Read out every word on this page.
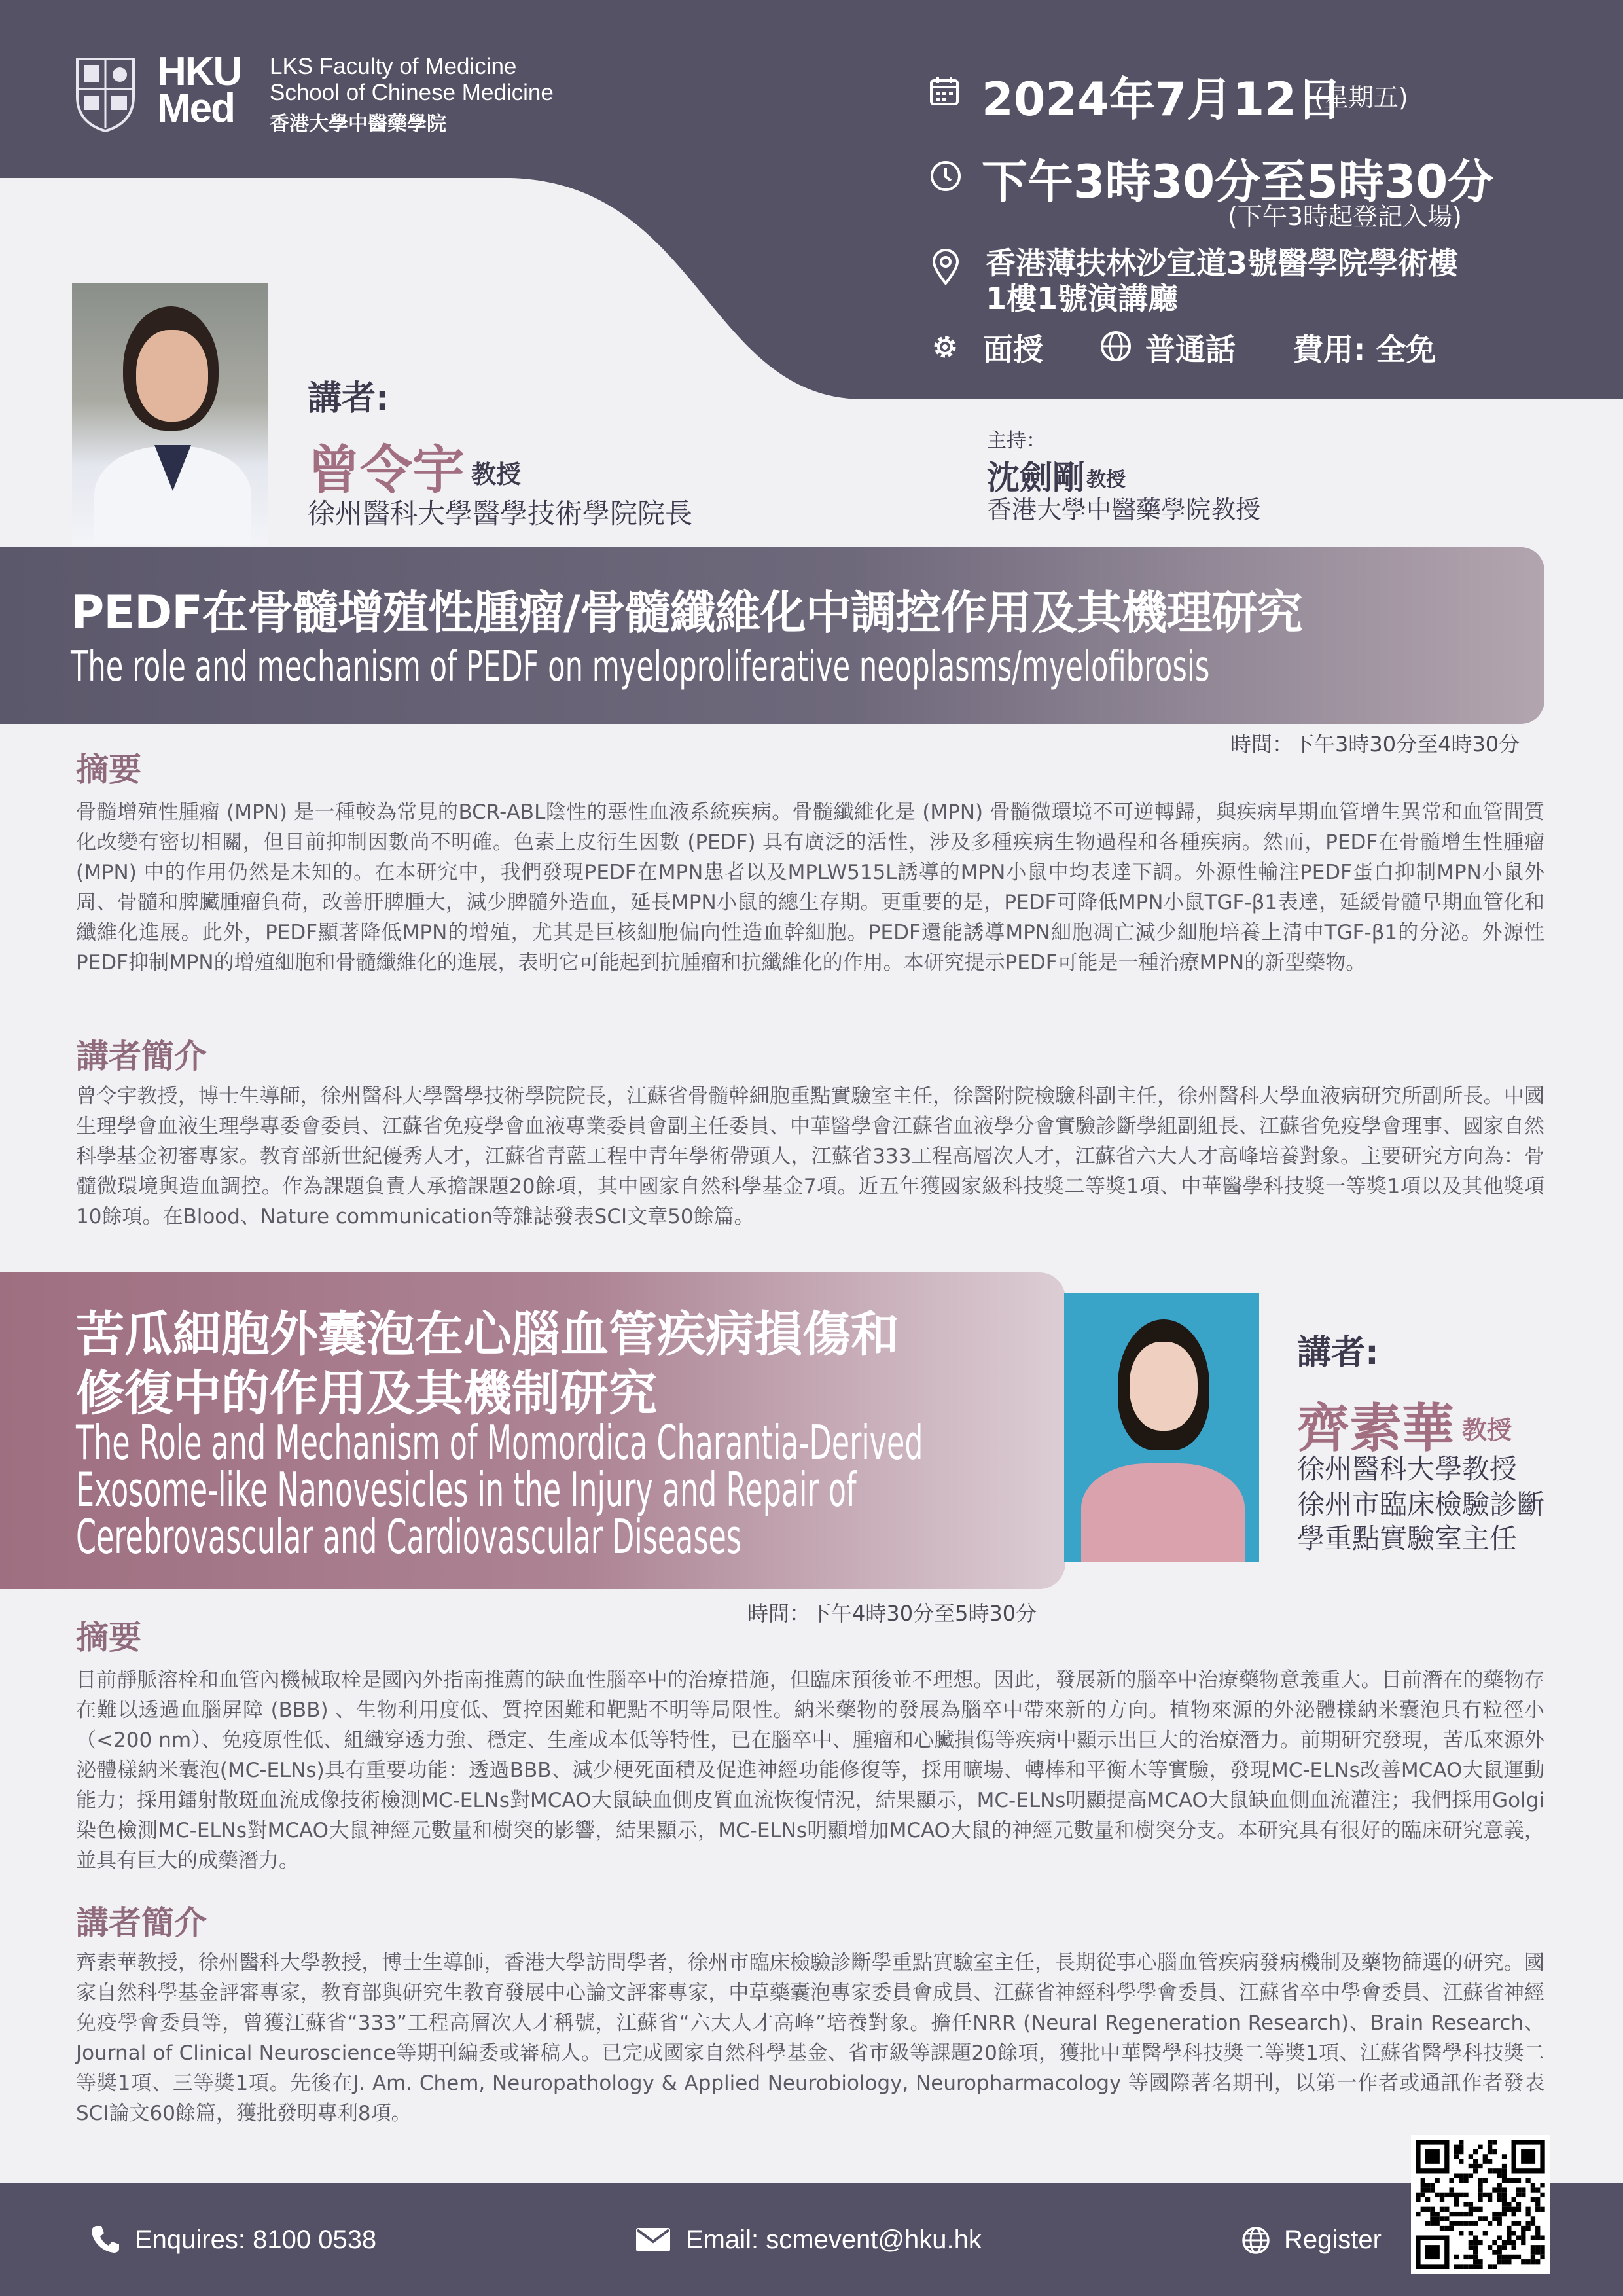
HKU
Med
LKS Faculty of Medicine
School of Chinese Medicine
香港大學中醫藥學院	2024年7月12日
(星期五)
下午3時30分至5時30分
(下午3時起登記入場)
香港薄扶林沙宣道3號醫學院學術樓
1樓1號演講廳
面授	普通話 費用: 全免
講者:
曾令宇 教授
徐州醫科大學醫學技術學院院長
主持：
沈劍剛 教授
香港大學中醫藥學院教授
PEDF在骨髓增殖性腫瘤/骨髓纖維化中調控作用及其機理研究
The role and mechanism of PEDF on myeloproliferative neoplasms/myelofibrosis
時間：下午3時30分至4時30分
摘要
骨髓增殖性腫瘤 (MPN) 是一種較為常見的BCR-ABL陰性的惡性血液系統疾病。骨髓纖維化是 (MPN) 骨髓微環境不可逆轉歸，與疾病早期血管增生異常和血管間質化改變有密切相關，但目前抑制因數尚不明確。色素上皮衍生因數 (PEDF) 具有廣泛的活性，涉及多種疾病生物過程和各種疾病。然而，PEDF在骨髓增生性腫瘤 (MPN) 中的作用仍然是未知的。在本研究中，我們發現PEDF在MPN患者以及MPLW515L誘導的MPN小鼠中均表達下調。外源性輸注PEDF蛋白抑制MPN小鼠外周、骨髓和脾臟腫瘤負荷，改善肝脾腫大，減少脾髓外造血，延長MPN小鼠的總生存期。更重要的是，PEDF可降低MPN小鼠TGF-β1表達，延緩骨髓早期血管化和纖維化進展。此外，PEDF顯著降低MPN的增殖，尤其是巨核細胞偏向性造血幹細胞。PEDF還能誘導MPN細胞凋亡減少細胞培養上清中TGF-β1的分泌。外源性PEDF抑制MPN的增殖細胞和骨髓纖維化的進展，表明它可能起到抗腫瘤和抗纖維化的作用。本研究提示PEDF可能是一種治療MPN的新型藥物。
講者簡介
曾令宇教授，博士生導師，徐州醫科大學醫學技術學院院長，江蘇省骨髓幹細胞重點實驗室主任，徐醫附院檢驗科副主任，徐州醫科大學血液病研究所副所長。中國生理學會血液生理學專委會委員、江蘇省免疫學會血液專業委員會副主任委員、中華醫學會江蘇省血液學分會實驗診斷學組副組長、江蘇省免疫學會理事、國家自然科學基金初審專家。教育部新世紀優秀人才，江蘇省青藍工程中青年學術帶頭人，江蘇省333工程高層次人才，江蘇省六大人才高峰培養對象。主要研究方向為：骨髓微環境與造血調控。作為課題負責人承擔課題20餘項，其中國家自然科學基金7項。近五年獲國家級科技獎二等獎1項、中華醫學科技獎一等獎1項以及其他獎項10餘項。在Blood、Nature communication等雜誌發表SCI文章50餘篇。
苦瓜細胞外囊泡在心腦血管疾病損傷和
修復中的作用及其機制研究
The Role and Mechanism of Momordica Charantia-Derived
Exosome-like Nanovesicles in the Injury and Repair of
Cerebrovascular and Cardiovascular Diseases
講者:
齊素華 教授
徐州醫科大學教授
徐州市臨床檢驗診斷
學重點實驗室主任
時間：下午4時30分至5時30分
摘要
目前靜脈溶栓和血管內機械取栓是國內外指南推薦的缺血性腦卒中的治療措施，但臨床預後並不理想。因此，發展新的腦卒中治療藥物意義重大。目前潛在的藥物存在難以透過血腦屏障 (BBB) 、生物利用度低、質控困難和靶點不明等局限性。納米藥物的發展為腦卒中帶來新的方向。植物來源的外泌體樣納米囊泡具有粒徑小（<200 nm）、免疫原性低、組織穿透力強、穩定、生產成本低等特性，已在腦卒中、腫瘤和心臟損傷等疾病中顯示出巨大的治療潛力。前期研究發現，苦瓜來源外泌體樣納米囊泡(MC-ELNs)具有重要功能：透過BBB、減少梗死面積及促進神經功能修復等，採用曠場、轉棒和平衡木等實驗，發現MC-ELNs改善MCAO大鼠運動能力；採用鐳射散斑血流成像技術檢測MC-ELNs對MCAO大鼠缺血側皮質血流恢復情況，結果顯示，MC-ELNs明顯提高MCAO大鼠缺血側血流灌注；我們採用Golgi染色檢測MC-ELNs對MCAO大鼠神經元數量和樹突的影響，結果顯示，MC-ELNs明顯增加MCAO大鼠的神經元數量和樹突分支。本研究具有很好的臨床研究意義，並具有巨大的成藥潛力。
講者簡介
齊素華教授，徐州醫科大學教授，博士生導師，香港大學訪問學者，徐州市臨床檢驗診斷學重點實驗室主任，長期從事心腦血管疾病發病機制及藥物篩選的研究。國家自然科學基金評審專家，教育部與研究生教育發展中心論文評審專家，中草藥囊泡專家委員會成員、江蘇省神經科學學會委員、江蘇省卒中學會委員、江蘇省神經免疫學會委員等，曾獲江蘇省“333”工程高層次人才稱號，江蘇省“六大人才高峰”培養對象。擔任NRR (Neural Regeneration Research)、Brain Research、Journal of Clinical Neuroscience等期刊編委或審稿人。已完成國家自然科學基金、省市級等課題20餘項，獲批中華醫學科技獎二等獎1項、江蘇省醫學科技獎二等獎1項、三等獎1項。先後在J. Am. Chem, Neuropathology & Applied Neurobiology, Neuropharmacology 等國際著名期刊，以第一作者或通訊作者發表SCI論文60餘篇，獲批發明專利8項。
Enquires: 8100 0538	Email: scmevent@hku.hk	Register
